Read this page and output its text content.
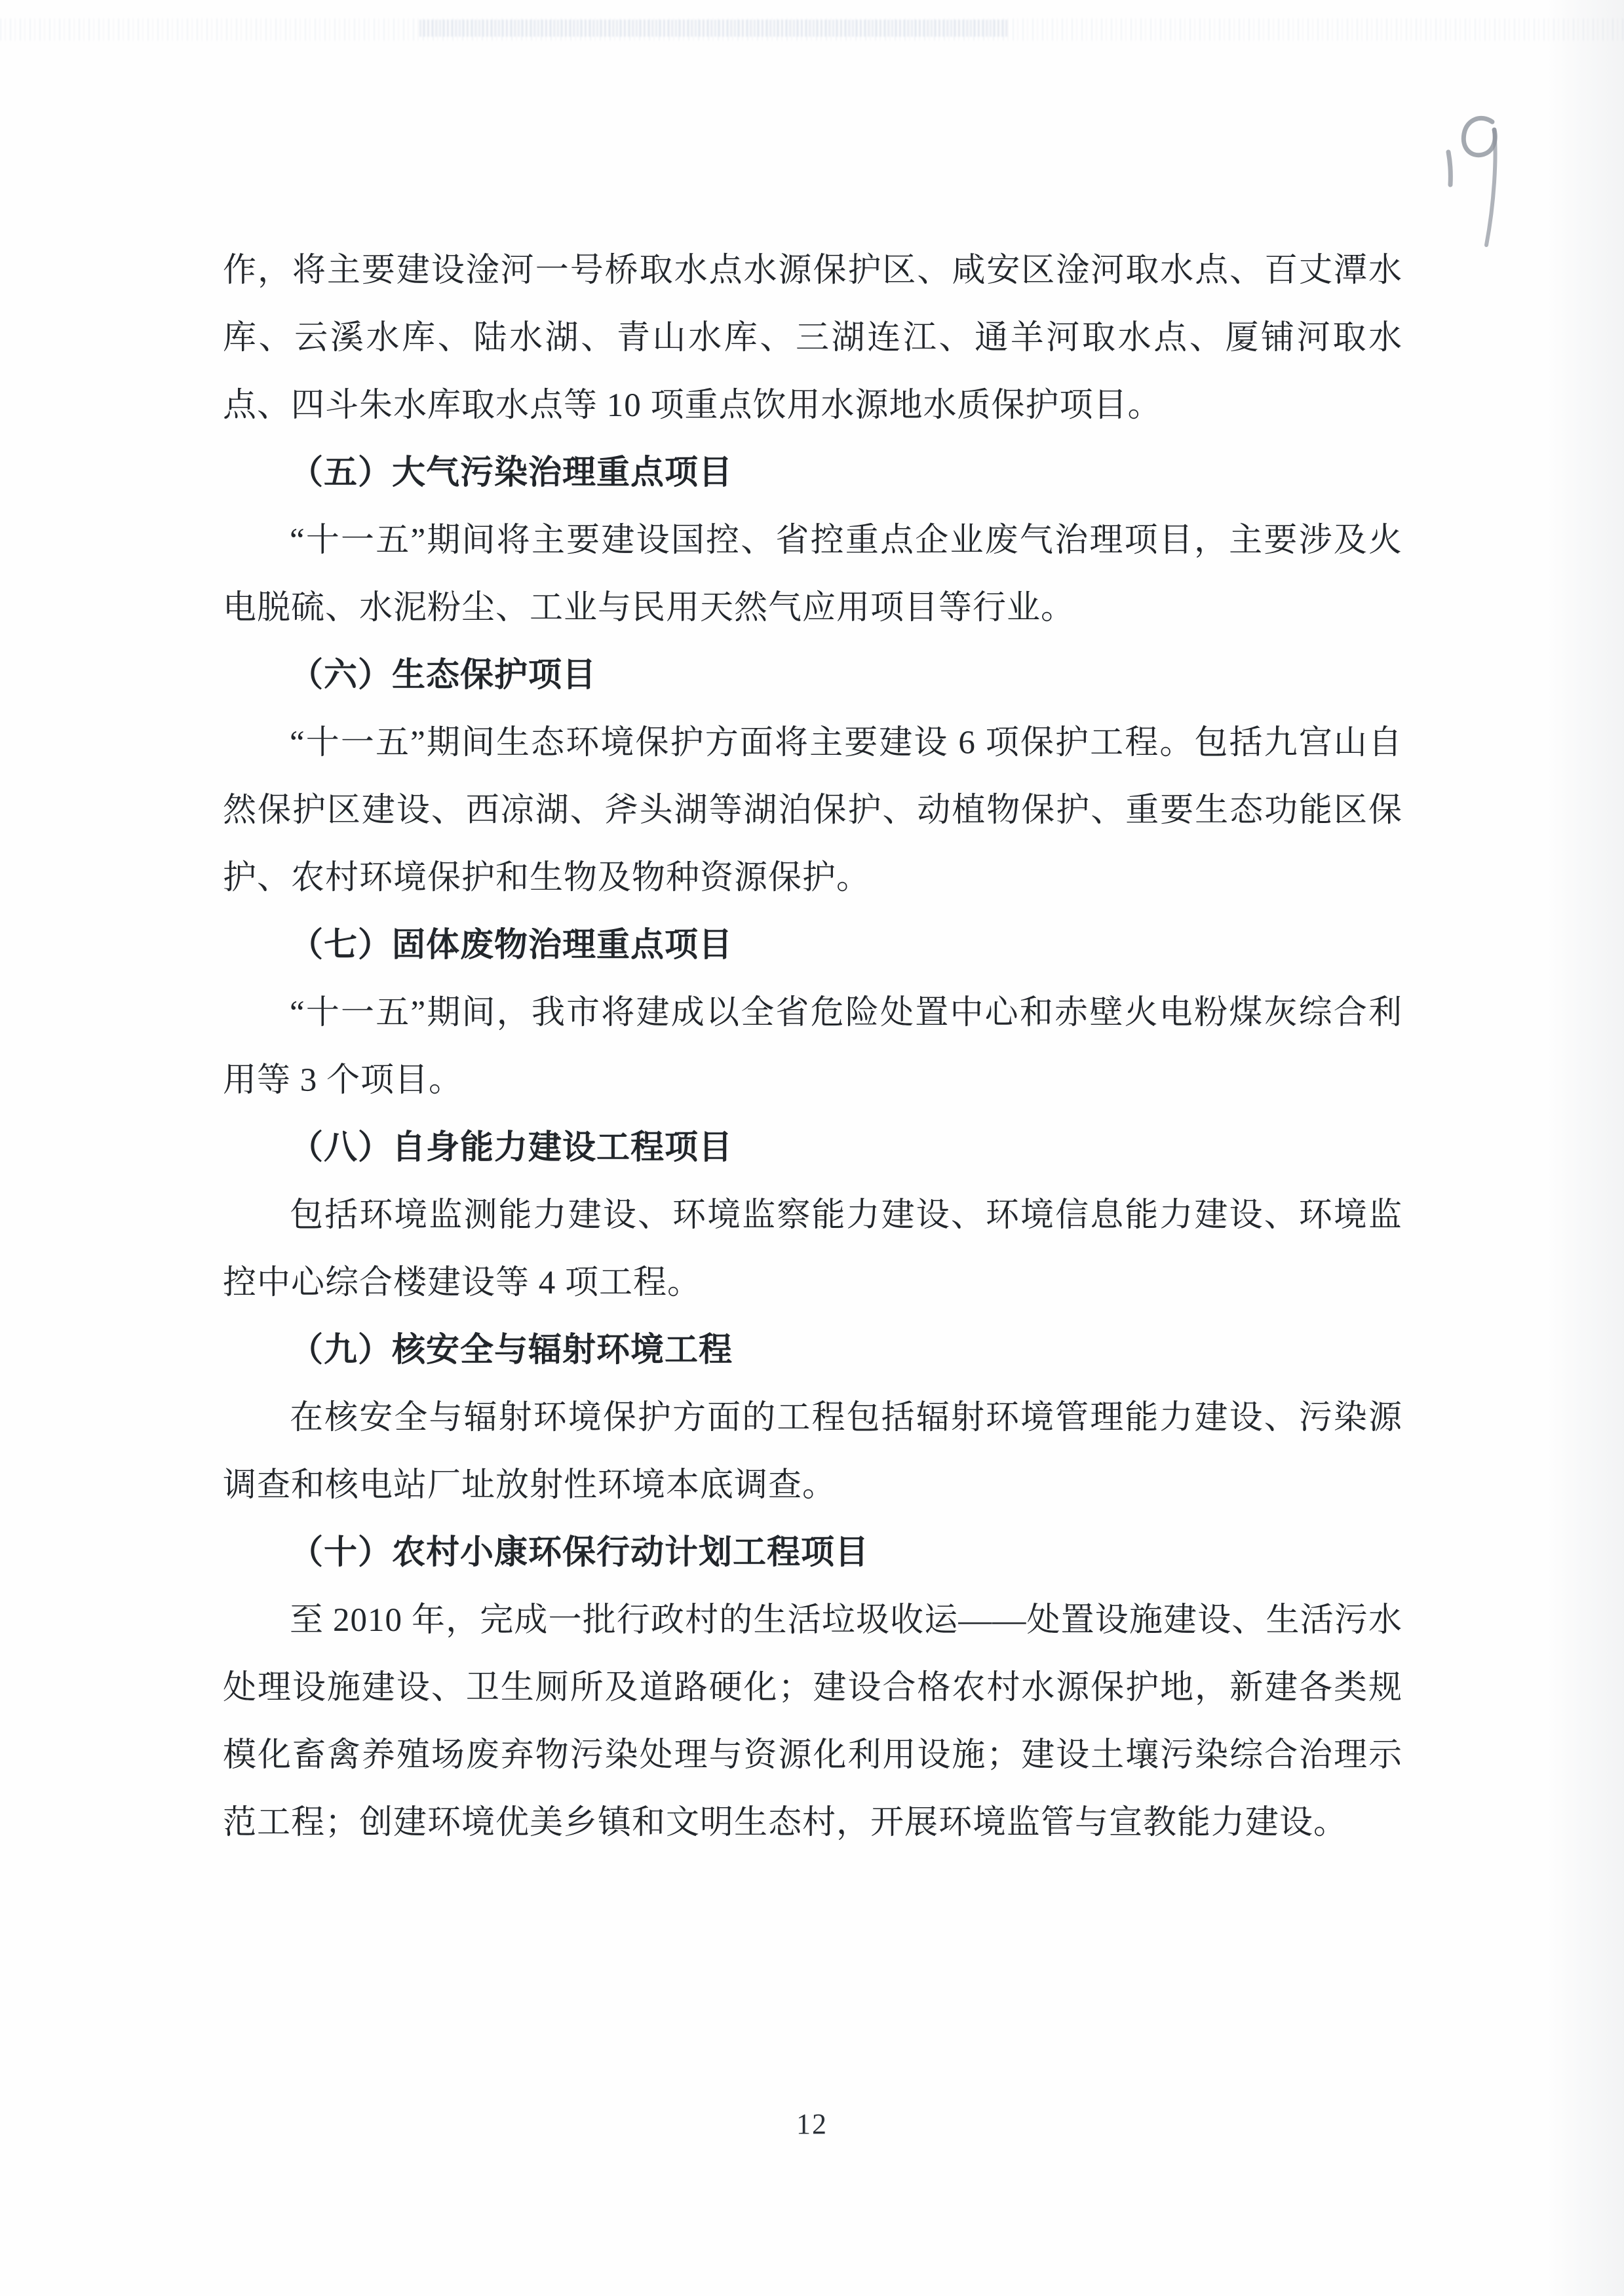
作，将主要建设淦河一号桥取水点水源保护区、咸安区淦河取水点、百丈潭水库、云溪水库、陆水湖、青山水库、三湖连江、通羊河取水点、厦铺河取水点、四斗朱水库取水点等 10 项重点饮用水源地水质保护项目。

（五）大气污染治理重点项目

“十一五”期间将主要建设国控、省控重点企业废气治理项目，主要涉及火电脱硫、水泥粉尘、工业与民用天然气应用项目等行业。

（六）生态保护项目

“十一五”期间生态环境保护方面将主要建设 6 项保护工程。包括九宫山自然保护区建设、西凉湖、斧头湖等湖泊保护、动植物保护、重要生态功能区保护、农村环境保护和生物及物种资源保护。

（七）固体废物治理重点项目

“十一五”期间，我市将建成以全省危险处置中心和赤壁火电粉煤灰综合利用等 3 个项目。

（八）自身能力建设工程项目

包括环境监测能力建设、环境监察能力建设、环境信息能力建设、环境监控中心综合楼建设等 4 项工程。

（九）核安全与辐射环境工程

在核安全与辐射环境保护方面的工程包括辐射环境管理能力建设、污染源调查和核电站厂址放射性环境本底调查。

（十）农村小康环保行动计划工程项目

至 2010 年，完成一批行政村的生活垃圾收运——处置设施建设、生活污水处理设施建设、卫生厕所及道路硬化；建设合格农村水源保护地，新建各类规模化畜禽养殖场废弃物污染处理与资源化利用设施；建设土壤污染综合治理示范工程；创建环境优美乡镇和文明生态村，开展环境监管与宣教能力建设。

12
